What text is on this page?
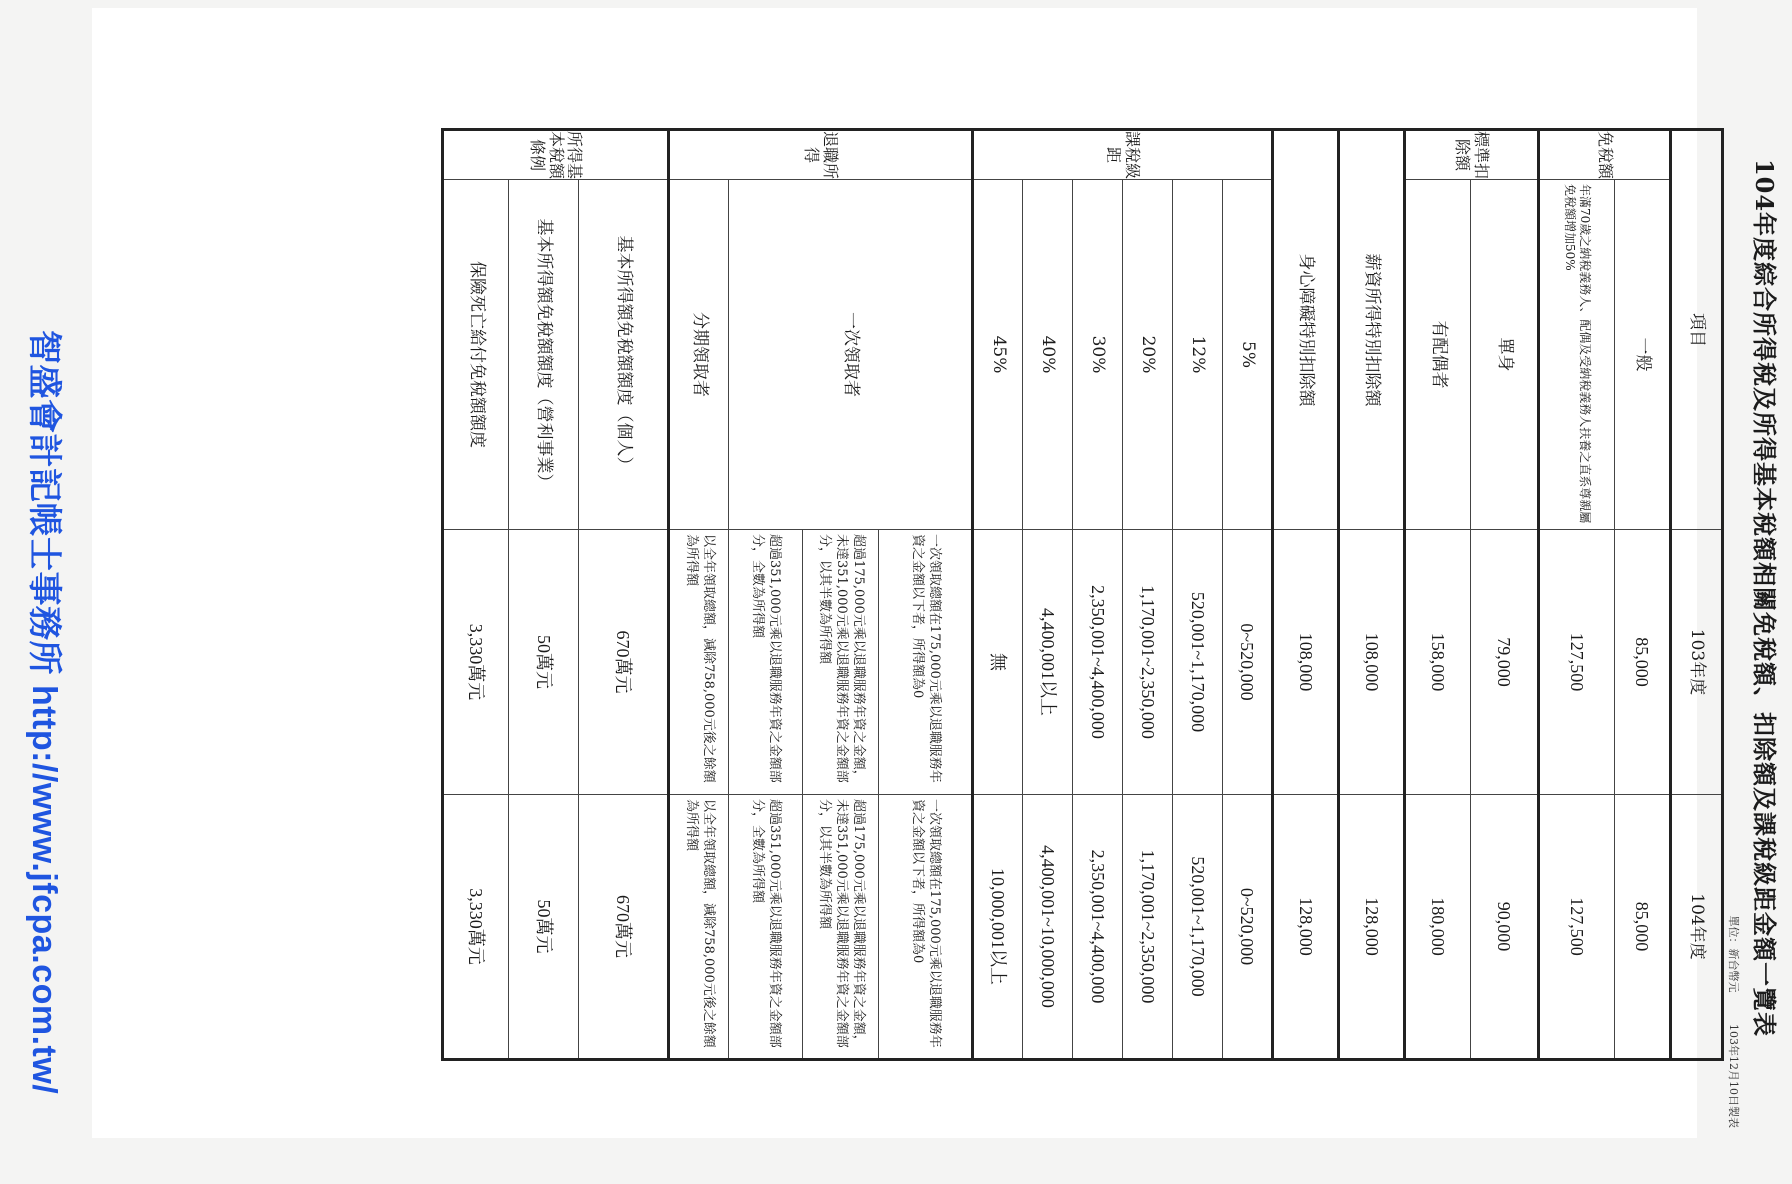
104年度綜合所得稅及所得基本稅額相關免稅額、扣除額及課稅級距金額一覽表
單位：新台幣元 103年12月10日製表
項目		103年度	104年度
免稅額	一般	85,000	85,000
	年滿70歲之納稅義務人、配偶及受納稅義務人扶養之直系尊親屬免稅額增加50%	127,500	127,500
標準扣除額	單身	79,000	90,000
	有配偶者	158,000	180,000
薪資所得特別扣除額		108,000	128,000
身心障礙特別扣除額		108,000	128,000
課稅級距	5%	0~520,000	0~520,000
	12%	520,001~1,170,000	520,001~1,170,000
	20%	1,170,001~2,350,000	1,170,001~2,350,000
	30%	2,350,001~4,400,000	2,350,001~4,400,000
	40%	4,400,001以上	4,400,001~10,000,000
	45%	無	10,000,001以上
退職所得	一次領取者	一次領取總額在175,000元乘以退職服務年資之金額以下者，所得額為0	一次領取總額在175,000元乘以退職服務年資之金額以下者，所得額為0
		超過175,000元乘以退職服務年資之金額，未達351,000元乘以退職服務年資之金額部分，以其半數為所得額	超過175,000元乘以退職服務年資之金額，未達351,000元乘以退職服務年資之金額部分，以其半數為所得額
		超過351,000元乘以退職服務年資之金額部分，全數為所得額	超過351,000元乘以退職服務年資之金額部分，全數為所得額
	分期領取者	以全年領取總額，減除758,000元後之餘額為所得額	以全年領取總額，減除758,000元後之餘額為所得額
所得基本稅額條例	基本所得額免稅額額度（個人）	670萬元	670萬元
	基本所得額免稅額額度（營利事業）	50萬元	50萬元
	保險死亡給付免稅額額度	3,330萬元	3,330萬元
智盛會計記帳士事務所 http://www.jfcpa.com.tw/
